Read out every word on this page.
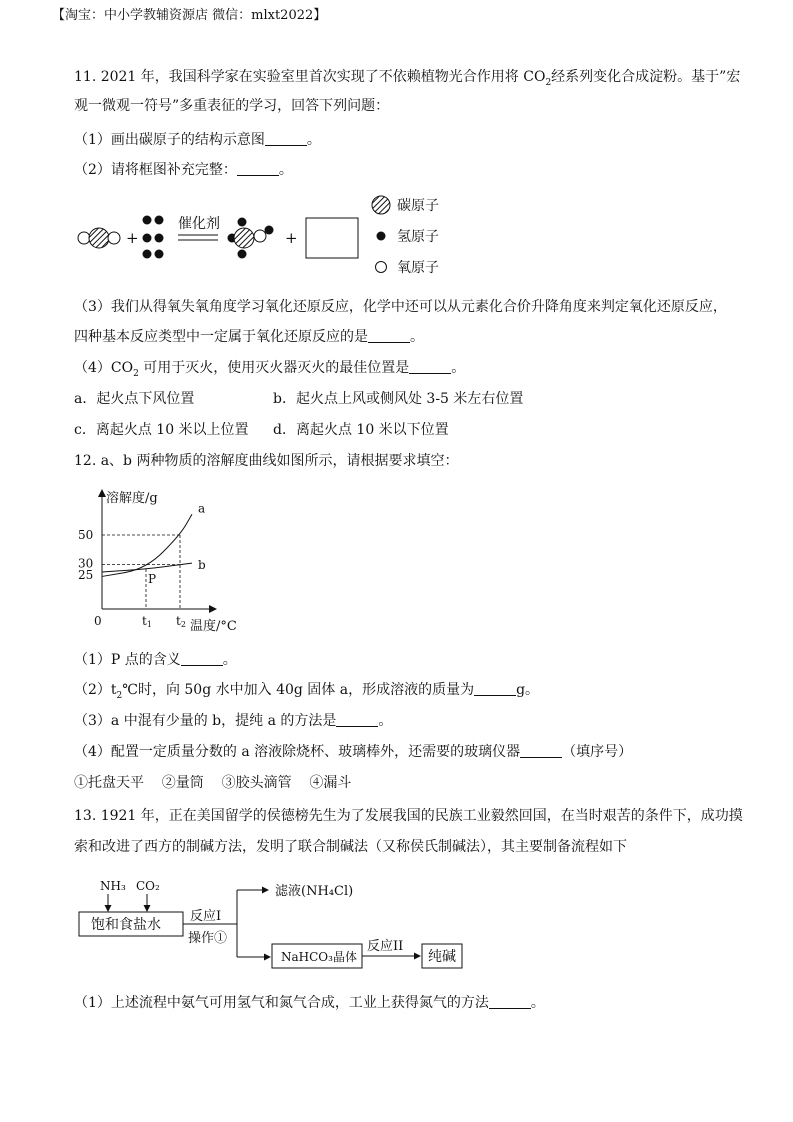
【淘宝：中小学教辅资源店 微信：mlxt2022】
11. 2021 年，我国科学家在实验室里首次实现了不依赖植物光合作用将 $CO_2$经系列变化合成淀粉。基于”宏
观一微观一符号”多重表征的学习，回答下列问题：
（1）画出碳原子的结构示意图	。
（2）请将框图补充完整：	。
+
催化剂
+
碳原子
氢原子
氧原子
（3）我们从得氧失氧角度学习氧化还原反应，化学中还可以从元素化合价升降角度来判定氧化还原反应，
四种基本反应类型中一定属于氧化还原反应的是	。
$(4)CO_2$ 可用于灭火，使用灭火器灭火的最佳位置是	。
a．起火点下风位置	b．起火点上风或侧风处 3-5 米左右位置
c．离起火点 10 米以上位置 d．离起火点 10 米以下位置
12. a、b 两种物质的溶解度曲线如图所示，请根据要求填空：
溶解度/g
温度/°C
0
50
30
25
a
b
P
t1 t2
（1）P 点的含义	。
$(2)t_2℃$时，向 50g 水中加入 40g 固体 a，形成溶液的质量为	g。
（3）a 中混有少量的 b，提纯 a 的方法是	。
（4）配置一定质量分数的 a 溶液除烧杯、玻璃棒外，还需要的玻璃仪器	（填序号）
①托盘天平    ②量筒    ③胶头滴管    ④漏斗
13. 1921 年，正在美国留学的侯德榜先生为了发展我国的民族工业毅然回国，在当时艰苦的条件下，成功摸
索和改进了西方的制碱方法，发明了联合制碱法（又称侯氏制碱法），其主要制备流程如下
NH₃ CO₂
饱和食盐水
反应I
操作①
滤液(NH₄Cl)
NaHCO₃晶体
反应II
纯碱
（1）上述流程中氨气可用氢气和氮气合成，工业上获得氮气的方法	。
